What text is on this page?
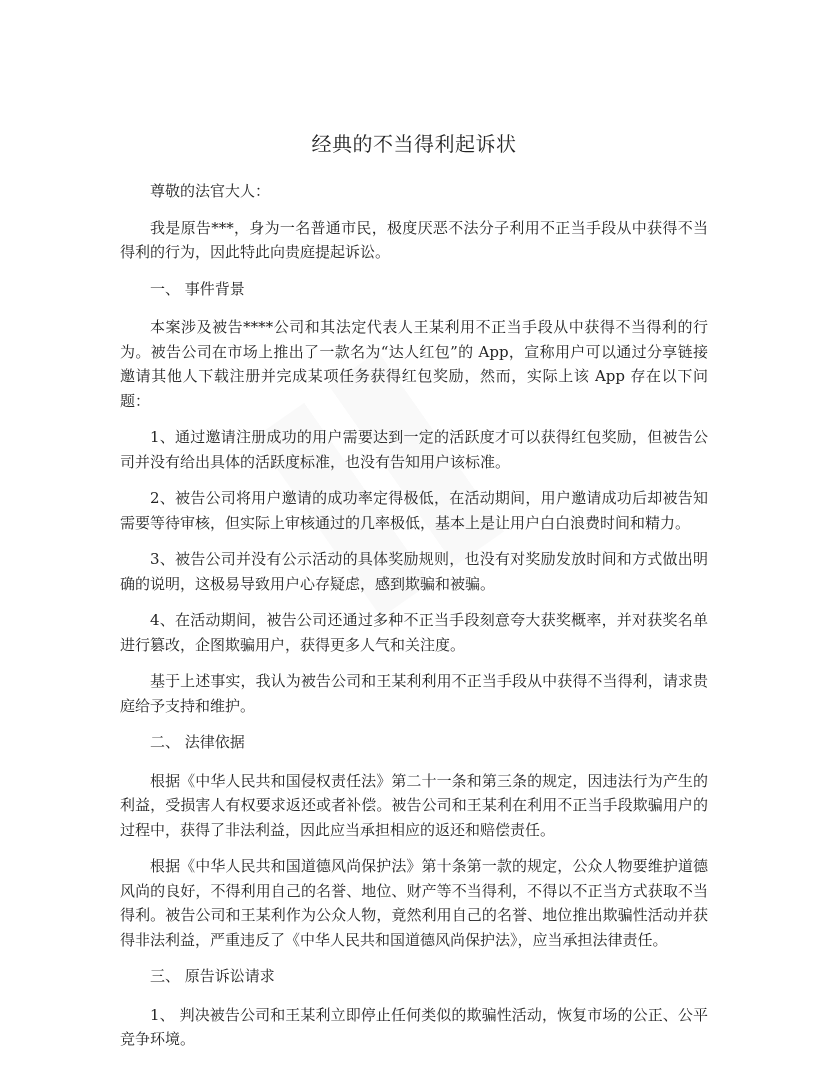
经典的不当得利起诉状

尊敬的法官大人：

我是原告***，身为一名普通市民，极度厌恶不法分子利用不正当手段从中获得不当得利的行为，因此特此向贵庭提起诉讼。

一、 事件背景

本案涉及被告****公司和其法定代表人王某利用不正当手段从中获得不当得利的行为。被告公司在市场上推出了一款名为“达人红包”的 App，宣称用户可以通过分享链接邀请其他人下载注册并完成某项任务获得红包奖励，然而，实际上该 App 存在以下问题：

1、通过邀请注册成功的用户需要达到一定的活跃度才可以获得红包奖励，但被告公司并没有给出具体的活跃度标准，也没有告知用户该标准。

2、被告公司将用户邀请的成功率定得极低，在活动期间，用户邀请成功后却被告知需要等待审核，但实际上审核通过的几率极低，基本上是让用户白白浪费时间和精力。

3、被告公司并没有公示活动的具体奖励规则，也没有对奖励发放时间和方式做出明确的说明，这极易导致用户心存疑虑，感到欺骗和被骗。

4、在活动期间，被告公司还通过多种不正当手段刻意夸大获奖概率，并对获奖名单进行篡改，企图欺骗用户，获得更多人气和关注度。

基于上述事实，我认为被告公司和王某利利用不正当手段从中获得不当得利，请求贵庭给予支持和维护。

二、 法律依据

根据《中华人民共和国侵权责任法》第二十一条和第三条的规定，因违法行为产生的利益，受损害人有权要求返还或者补偿。被告公司和王某利在利用不正当手段欺骗用户的过程中，获得了非法利益，因此应当承担相应的返还和赔偿责任。

根据《中华人民共和国道德风尚保护法》第十条第一款的规定，公众人物要维护道德风尚的良好，不得利用自己的名誉、地位、财产等不当得利，不得以不正当方式获取不当得利。被告公司和王某利作为公众人物，竟然利用自己的名誉、地位推出欺骗性活动并获得非法利益，严重违反了《中华人民共和国道德风尚保护法》，应当承担法律责任。

三、 原告诉讼请求

1、 判决被告公司和王某利立即停止任何类似的欺骗性活动，恢复市场的公正、公平竞争环境。
